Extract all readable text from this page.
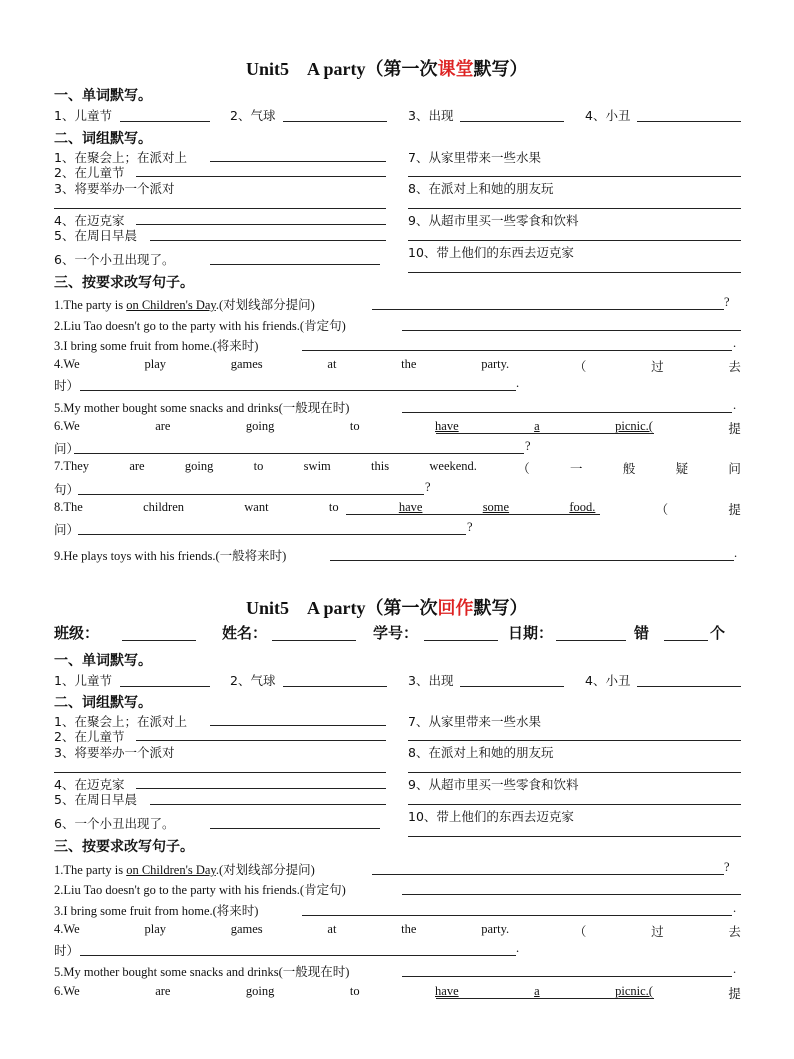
Unit5　A party（第一次课堂默写）
一、单词默写。
1、儿童节	2、气球	3、出现	4、小丑
二、词组默写。
1、在聚会上；在派对上
2、在儿童节
3、将要举办一个派对
4、在迈克家
5、在周日早晨
6、一个小丑出现了。
7、从家里带来一些水果
8、在派对上和她的朋友玩
9、从超市里买一些零食和饮料
10、带上他们的东西去迈克家
三、按要求改写句子。
1.The party is on Children's Day.(对划线部分提问)	?
2.Liu Tao doesn't go to the party with his friends.(肯定句)
3.I bring some fruit from home.(将来时)	.
4.We	play	games	at	the	party.	（	过	去
时）	.
5.My mother bought some snacks and drinks(一般现在时)	.
6.We	are	going	to	have	a	picnic.(	提
问）	?
7.They	are	going	to	swim	this	weekend.	（	一	般	疑	问
句）	?
8.The	children	want	to	have	some	food.	（	提
问）	?
9.He plays toys with his friends.(一般将来时)	.
Unit5　A party（第一次回作默写）
班级：	姓名：	学号：	日期：	错	个
一、单词默写。
1、儿童节	2、气球	3、出现	4、小丑
二、词组默写。
1、在聚会上；在派对上
2、在儿童节
3、将要举办一个派对
4、在迈克家
5、在周日早晨
6、一个小丑出现了。
7、从家里带来一些水果
8、在派对上和她的朋友玩
9、从超市里买一些零食和饮料
10、带上他们的东西去迈克家
三、按要求改写句子。
1.The party is on Children's Day.(对划线部分提问)	?
2.Liu Tao doesn't go to the party with his friends.(肯定句)
3.I bring some fruit from home.(将来时)	.
4.We	play	games	at	the	party.	（	过	去
时）	.
5.My mother bought some snacks and drinks(一般现在时)	.
6.We	are	going	to	have	a	picnic.(	提
